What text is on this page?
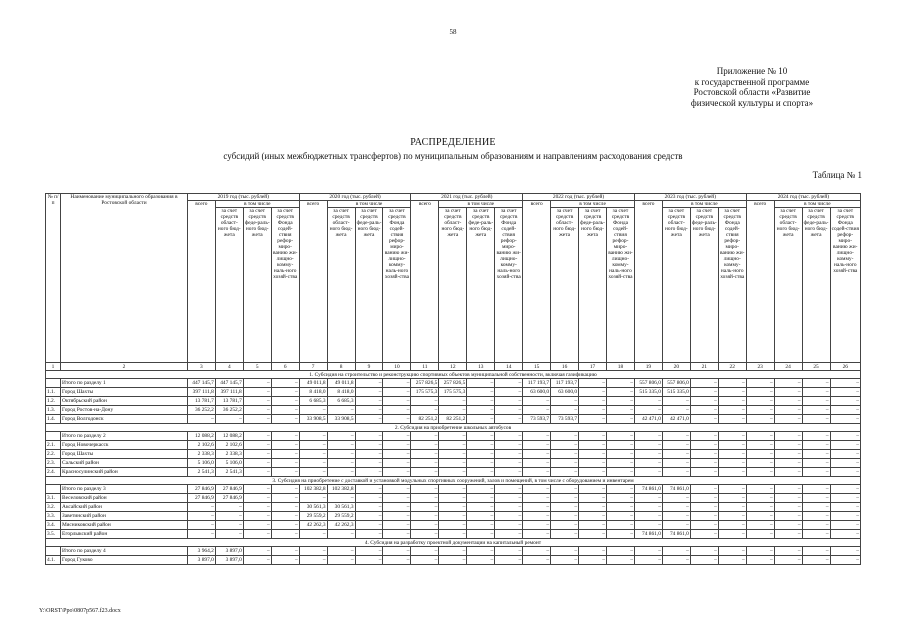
58
Приложение № 10
к государственной программе
Ростовской области «Развитие
физической культуры и спорта»
РАСПРЕДЕЛЕНИЕ
субсидий (иных межбюджетных трансфертов) по муниципальным образованиям и направлениям расходования средств
Таблица № 1
№ п/п	Наименование муниципального образования в Ростовской области	2019 год (тыс. рублей)				2020 год (тыс. рублей)				2021 год (тыс. рублей)				2022 год (тыс. рублей)				2023 год (тыс. рублей)				2024 год (тыс. рублей)			
		всего	в том числе			всего	в том числе			всего	в том числе			всего	в том числе			всего	в том числе			всего	в том числе		
			за счет средств област-ного бюд-жета	за счет средств феде-раль-ного бюд-жета	за счет средств Фонда содей-ствия рефор-миро-ванию жи-лищно-комму-наль-ного хозяй-ства		за счет средств област-ного бюд-жета	за счет средств феде-раль-ного бюд-жета	за счет средств Фонда содей-ствия рефор-миро-ванию жи-лищно-комму-наль-ного хозяй-ства		за счет средств област-ного бюд-жета	за счет средств феде-раль-ного бюд-жета	за счет средств Фонда содей-ствия рефор-миро-ванию жи-лищно-комму-наль-ного хозяй-ства		за счет средств област-ного бюд-жета	за счет средств феде-раль-ного бюд-жета	за счет средств Фонда содей-ствия рефор-миро-ванию жи-лищно-комму-наль-ного хозяй-ства		за счет средств област-ного бюд-жета	за счет средств феде-раль-ного бюд-жета	за счет средств Фонда содей-ствия рефор-миро-ванию жи-лищно-комму-наль-ного хозяй-ства		за счет средств област-ного бюд-жета	за счет средств феде-раль-ного бюд-жета	за счет средств Фонда содей-ствия рефор-миро-ванию жи-лищно-комму-наль-ного хозяй-ства
1	2	3	4	5	6	7	8	9	10	11	12	13	14	15	16	17	18	19	20	21	22	23	24	25	26
1. Субсидия на строительство и реконструкцию спортивных объектов муниципальной собственности, включая газификацию																									
	Итого по разделу 1	447 145,7	447 145,7	–	–	49 011,8	49 011,8	–	–	257 826,5	257 826,5	–	–	117 193,7	117 193,7	–	–	557 806,0	557 806,0	–	–	–	–	–	–
1.1.	Город Шахты	397 111,8	397 111,8	–	–	8 418,0	8 418,0	–	–	175 575,3	175 575,3	–	–	63 600,0	63 600,0	–	–	515 335,0	515 335,0	–	–	–	–	–	–
1.2.	Октябрьский район	13 781,7	13 781,7	–	–	6 685,3	6 685,3	–	–	–	–	–	–	–	–	–	–	–	–	–	–	–	–	–	–
1.3.	Город Ростов-на-Дону	36 252,2	36 252,2	–	–	–	–	–	–	–	–	–	–	–	–	–	–	–	–	–	–	–	–	–	–
1.4.	Город Волгодонск	–	–	–	–	33 908,5	33 908,5	–	–	82 251,2	82 251,2	–	–	73 593,7	73 593,7	–	–	42 471,0	42 471,0	–	–	–	–	–	–
2. Субсидия на приобретение школьных автобусов																									
	Итого по разделу 2	12 088,2	12 088,2	–	–	–	–	–	–	–	–	–	–	–	–	–	–	–	–	–	–	–	–	–	–
2.1.	Город Новочеркасск	2 102,6	2 102,6	–	–	–	–	–	–	–	–	–	–	–	–	–	–	–	–	–	–	–	–	–	–
2.2.	Город Шахты	2 338,3	2 338,3	–	–	–	–	–	–	–	–	–	–	–	–	–	–	–	–	–	–	–	–	–	–
2.3.	Сальский район	5 106,0	5 106,0	–	–	–	–	–	–	–	–	–	–	–	–	–	–	–	–	–	–	–	–	–	–
2.4.	Красносулинский район	2 541,3	2 541,3	–	–	–	–	–	–	–	–	–	–	–	–	–	–	–	–	–	–	–	–	–	–
3. Субсидия на приобретение с доставкой и установкой модульных спортивных сооружений, залов и помещений, в том числе с оборудованием и инвентарем																									
	Итого по разделу 3	27 846,9	27 846,9	–	–	102 382,8	102 382,8	–	–	–	–	–	–	–	–	–	–	74 861,0	74 861,0	–	–	–	–	–	–
3.1.	Веселовский район	27 846,9	27 846,9	–	–	–	–	–	–	–	–	–	–	–	–	–	–	–	–	–	–	–	–	–	–
3.2.	Аксайский район	–	–	–	–	30 561,3	30 561,3	–	–	–	–	–	–	–	–	–	–	–	–	–	–	–	–	–	–
3.3.	Заветинский район	–	–	–	–	29 559,2	29 559,2	–	–	–	–	–	–	–	–	–	–	–	–	–	–	–	–	–	–
3.4.	Мясниковский район	–	–	–	–	42 262,3	42 262,3	–	–	–	–	–	–	–	–	–	–	–	–	–	–	–	–	–	–
3.5.	Егорлыкский район	–	–	–	–	–	–	–	–	–	–	–	–	–	–	–	–	74 861,0	74 861,0	–	–	–	–	–	–
4. Субсидия на разработку проектной документации на капитальный ремонт																									
	Итого по разделу 4	3 964,2	3 897,0	–	–	–	–	–	–	–	–	–	–	–	–	–	–	–	–	–	–	–	–	–	–
4.1.	Город Гуково	3 897,0	3 897,0	–	–	–	–	–	–	–	–	–	–	–	–	–	–	–	–	–	–	–	–	–	–
Y:\ORST\Ppo\0807p567.f23.docx
